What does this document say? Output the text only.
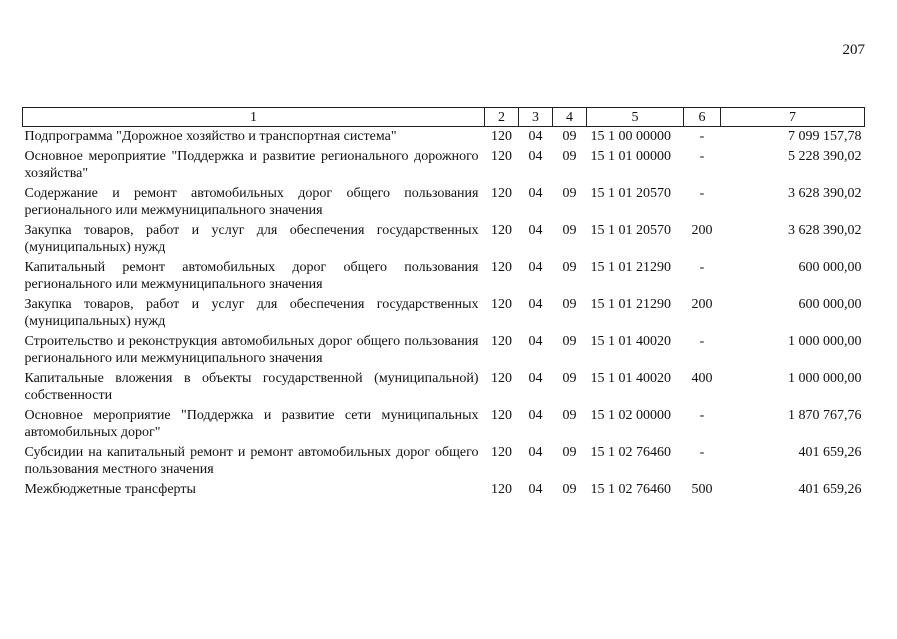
207
1	2	3	4	5	6	7
Подпрограмма "Дорожное хозяйство и транспортная система"	120	04	09	15 1 00 00000	-	7 099 157,78
Основное мероприятие "Поддержка и развитие регионального дорожного хозяйства"	120	04	09	15 1 01 00000	-	5 228 390,02
Содержание и ремонт автомобильных дорог общего пользования регионального или межмуниципального значения	120	04	09	15 1 01 20570	-	3 628 390,02
Закупка товаров, работ и услуг для обеспечения государственных (муниципальных) нужд	120	04	09	15 1 01 20570	200	3 628 390,02
Капитальный ремонт автомобильных дорог общего пользования регионального или межмуниципального значения	120	04	09	15 1 01 21290	-	600 000,00
Закупка товаров, работ и услуг для обеспечения государственных (муниципальных) нужд	120	04	09	15 1 01 21290	200	600 000,00
Строительство и реконструкция автомобильных дорог общего пользования регионального или межмуниципального значения	120	04	09	15 1 01 40020	-	1 000 000,00
Капитальные вложения в объекты государственной (муниципальной) собственности	120	04	09	15 1 01 40020	400	1 000 000,00
Основное мероприятие "Поддержка и развитие сети муниципальных автомобильных дорог"	120	04	09	15 1 02 00000	-	1 870 767,76
Субсидии на капитальный ремонт и ремонт автомобильных дорог общего пользования местного значения	120	04	09	15 1 02 76460	-	401 659,26
Межбюджетные трансферты	120	04	09	15 1 02 76460	500	401 659,26
